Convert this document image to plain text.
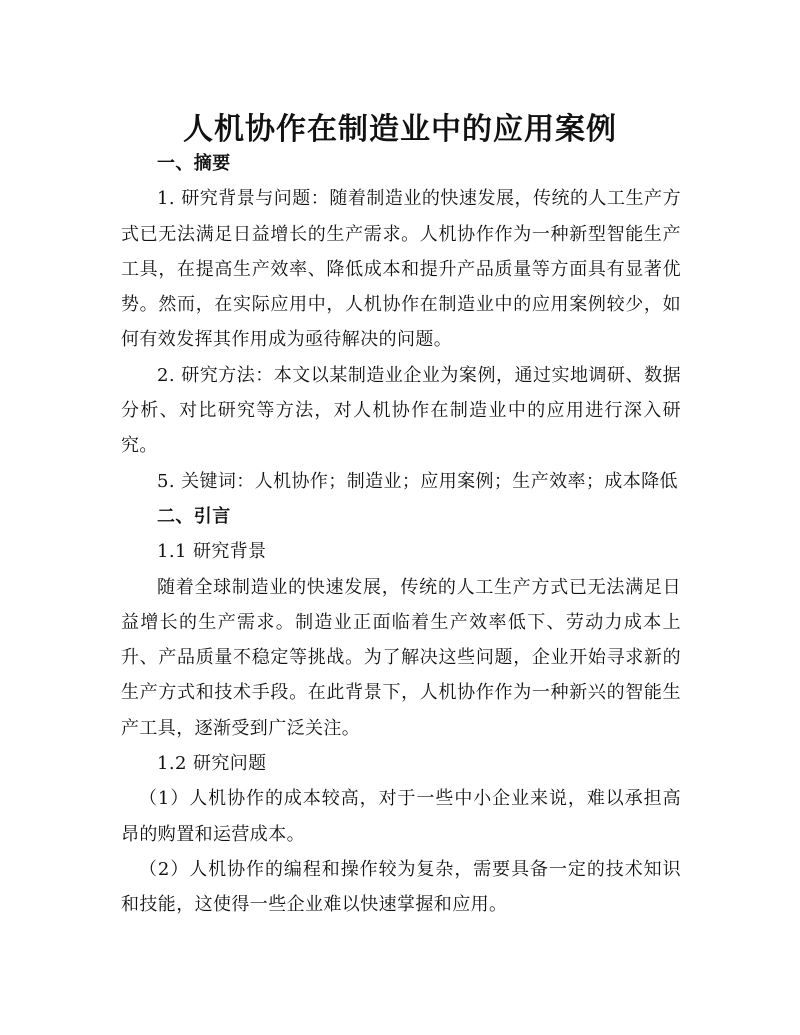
人机协作在制造业中的应用案例
一、摘要

1. 研究背景与问题：随着制造业的快速发展，传统的人工生产方式已无法满足日益增长的生产需求。人机协作作为一种新型智能生产工具，在提高生产效率、降低成本和提升产品质量等方面具有显著优势。然而，在实际应用中，人机协作在制造业中的应用案例较少，如何有效发挥其作用成为亟待解决的问题。

2. 研究方法：本文以某制造业企业为案例，通过实地调研、数据分析、对比研究等方法，对人机协作在制造业中的应用进行深入研究。

5. 关键词：人机协作；制造业；应用案例；生产效率；成本降低

二、引言

1.1 研究背景

随着全球制造业的快速发展，传统的人工生产方式已无法满足日益增长的生产需求。制造业正面临着生产效率低下、劳动力成本上升、产品质量不稳定等挑战。为了解决这些问题，企业开始寻求新的生产方式和技术手段。在此背景下，人机协作作为一种新兴的智能生产工具，逐渐受到广泛关注。

1.2 研究问题

（1）人机协作的成本较高，对于一些中小企业来说，难以承担高昂的购置和运营成本。

（2）人机协作的编程和操作较为复杂，需要具备一定的技术知识和技能，这使得一些企业难以快速掌握和应用。
